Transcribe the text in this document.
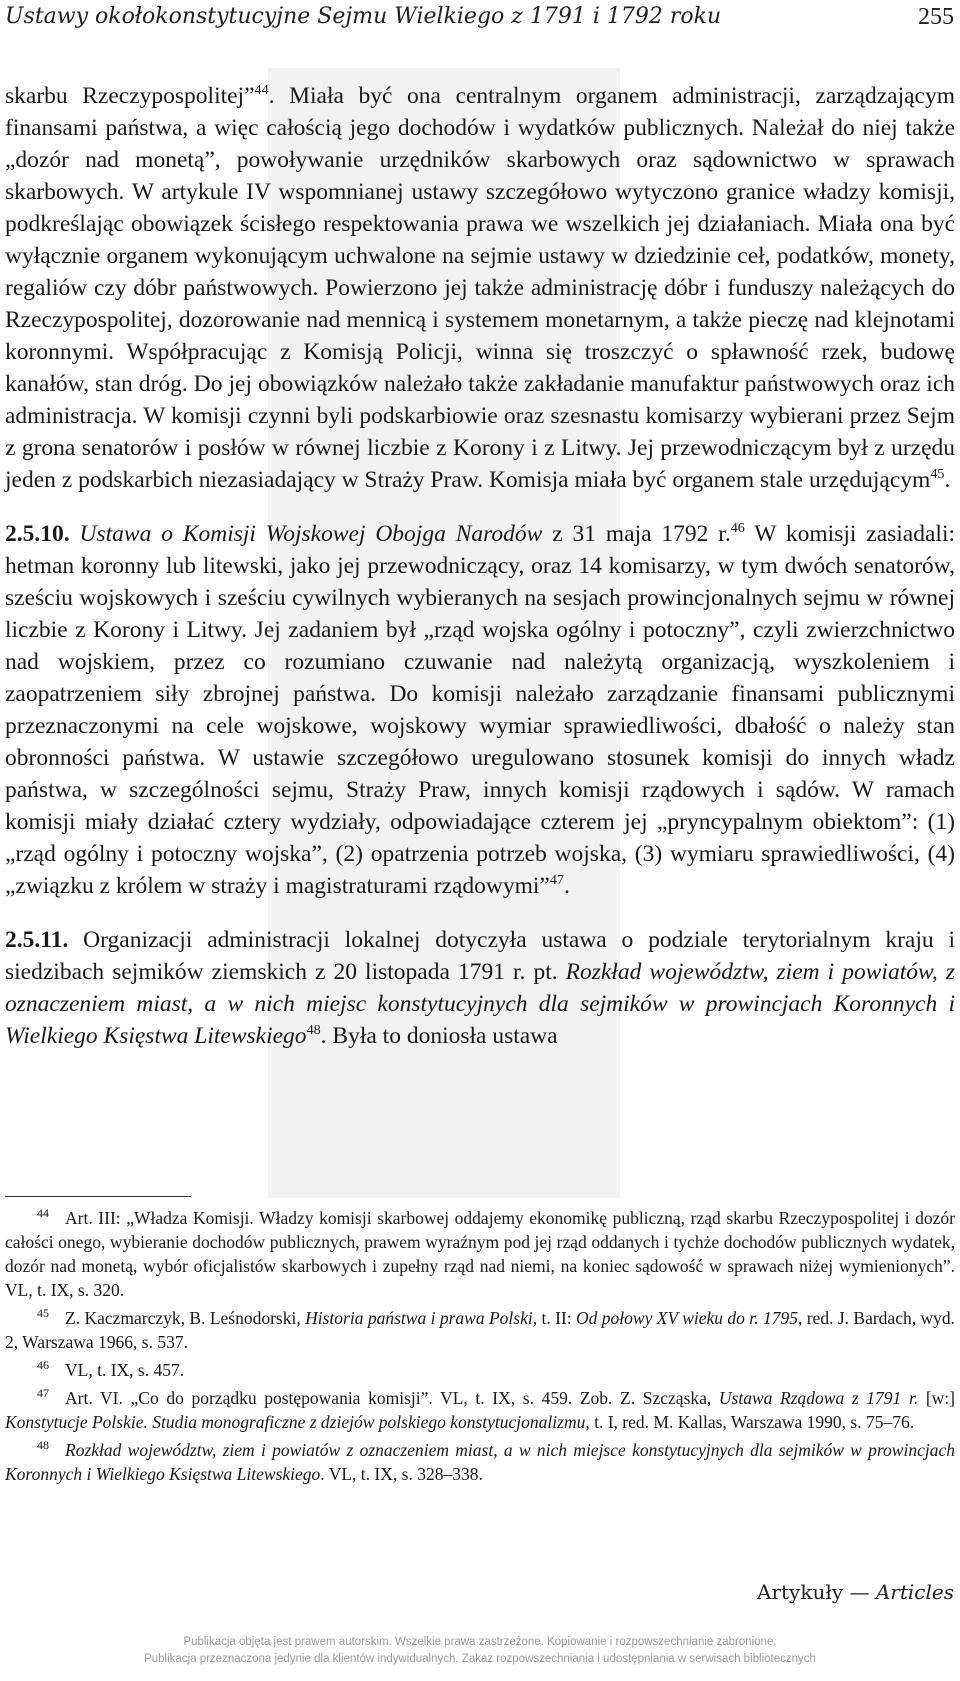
Ustawy okołokonstytucyjne Sejmu Wielkiego z 1791 i 1792 roku	255

skarbu Rzeczypospolitej”$^{44}$. Miała być ona centralnym organem administracji, zarządzającym finansami państwa, a więc całością jego dochodów i wydatków publicznych. Należał do niej także „dozór nad monetą”, powoływanie urzędników skarbowych oraz sądownictwo w sprawach skarbowych. W artykule IV wspomnianej ustawy szczegółowo wytyczono granice władzy komisji, podkreślając obowiązek ścisłego respektowania prawa we wszelkich jej działaniach. Miała ona być wyłącznie organem wykonującym uchwalone na sejmie ustawy w dziedzinie ceł, podatków, monety, regaliów czy dóbr państwowych. Powierzono jej także administrację dóbr i funduszy należących do Rzeczypospolitej, dozorowanie nad mennicą i systemem monetarnym, a także pieczę nad klejnotami koronnymi. Współpracując z Komisją Policji, winna się troszczyć o spławność rzek, budowę kanałów, stan dróg. Do jej obowiązków należało także zakładanie manufaktur państwowych oraz ich administracja. W komisji czynni byli podskarbiowie oraz szesnastu komisarzy wybierani przez Sejm z grona senatorów i posłów w równej liczbie z Korony i z Litwy. Jej przewodniczącym był z urzędu jeden z podskarbich niezasiadający w Straży Praw. Komisja miała być organem stale urzędującym$^{45}$.

2.5.10. Ustawa o Komisji Wojskowej Obojga Narodów z 31 maja 1792 r.$^{46}$ W komisji zasiadali: hetman koronny lub litewski, jako jej przewodniczący, oraz 14 komisarzy, w tym dwóch senatorów, sześciu wojskowych i sześciu cywilnych wybieranych na sesjach prowincjonalnych sejmu w równej liczbie z Korony i Litwy. Jej zadaniem był „rząd wojska ogólny i potoczny”, czyli zwierzchnictwo nad wojskiem, przez co rozumiano czuwanie nad należytą organizacją, wyszkoleniem i zaopatrzeniem siły zbrojnej państwa. Do komisji należało zarządzanie finansami publicznymi przeznaczonymi na cele wojskowe, wojskowy wymiar sprawiedliwości, dbałość o należy stan obronności państwa. W ustawie szczegółowo uregulowano stosunek komisji do innych władz państwa, w szczególności sejmu, Straży Praw, innych komisji rządowych i sądów. W ramach komisji miały działać cztery wydziały, odpowiadające czterem jej „pryncypalnym obiektom”: (1) „rząd ogólny i potoczny wojska”, (2) opatrzenia potrzeb wojska, (3) wymiaru sprawiedliwości, (4) „związku z królem w straży i magistraturami rządowymi”$^{47}$.

2.5.11. Organizacji administracji lokalnej dotyczyła ustawa o podziale terytorialnym kraju i siedzibach sejmików ziemskich z 20 listopada 1791 r. pt. Rozkład województw, ziem i powiatów, z oznaczeniem miast, a w nich miejsc konstytucyjnych dla sejmików w prowincjach Koronnych i Wielkiego Księstwa Litewskiego$^{48}$. Była to doniosła ustawa

$^{44}$ Art. III: „Władza Komisji. Władzy komisji skarbowej oddajemy ekonomikę publiczną, rząd skarbu Rzeczypospolitej i dozór całości onego, wybieranie dochodów publicznych, prawem wyraźnym pod jej rząd oddanych i tychże dochodów publicznych wydatek, dozór nad monetą, wybór oficjalistów skarbowych i zupełny rząd nad niemi, na koniec sądowość w sprawach niżej wymienionych”. VL, t. IX, s. 320.

$^{45}$ Z. Kaczmarczyk, B. Leśnodorski, Historia państwa i prawa Polski, t. II: Od połowy XV wieku do r. 1795, red. J. Bardach, wyd. 2, Warszawa 1966, s. 537.

$^{46}$ VL, t. IX, s. 457.

$^{47}$ Art. VI. „Co do porządku postępowania komisji”. VL, t. IX, s. 459. Zob. Z. Szcząska, Ustawa Rządowa z 1791 r. [w:] Konstytucje Polskie. Studia monograficzne z dziejów polskiego konstytucjonalizmu, t. I, red. M. Kallas, Warszawa 1990, s. 75–76.

$^{48}$ Rozkład województw, ziem i powiatów z oznaczeniem miast, a w nich miejsce konstytucyjnych dla sejmików w prowincjach Koronnych i Wielkiego Księstwa Litewskiego. VL, t. IX, s. 328–338.

Artykuły — Articles
Publikacja objęta jest prawem autorskim. Wszelkie prawa zastrzeżone. Kopiowanie i rozpowszechnianie zabronione.
Publikacja przeznaczona jedynie dla klientów indywidualnych. Zakaz rozpowszechniania i udostępniania w serwisach bibliotecznych
